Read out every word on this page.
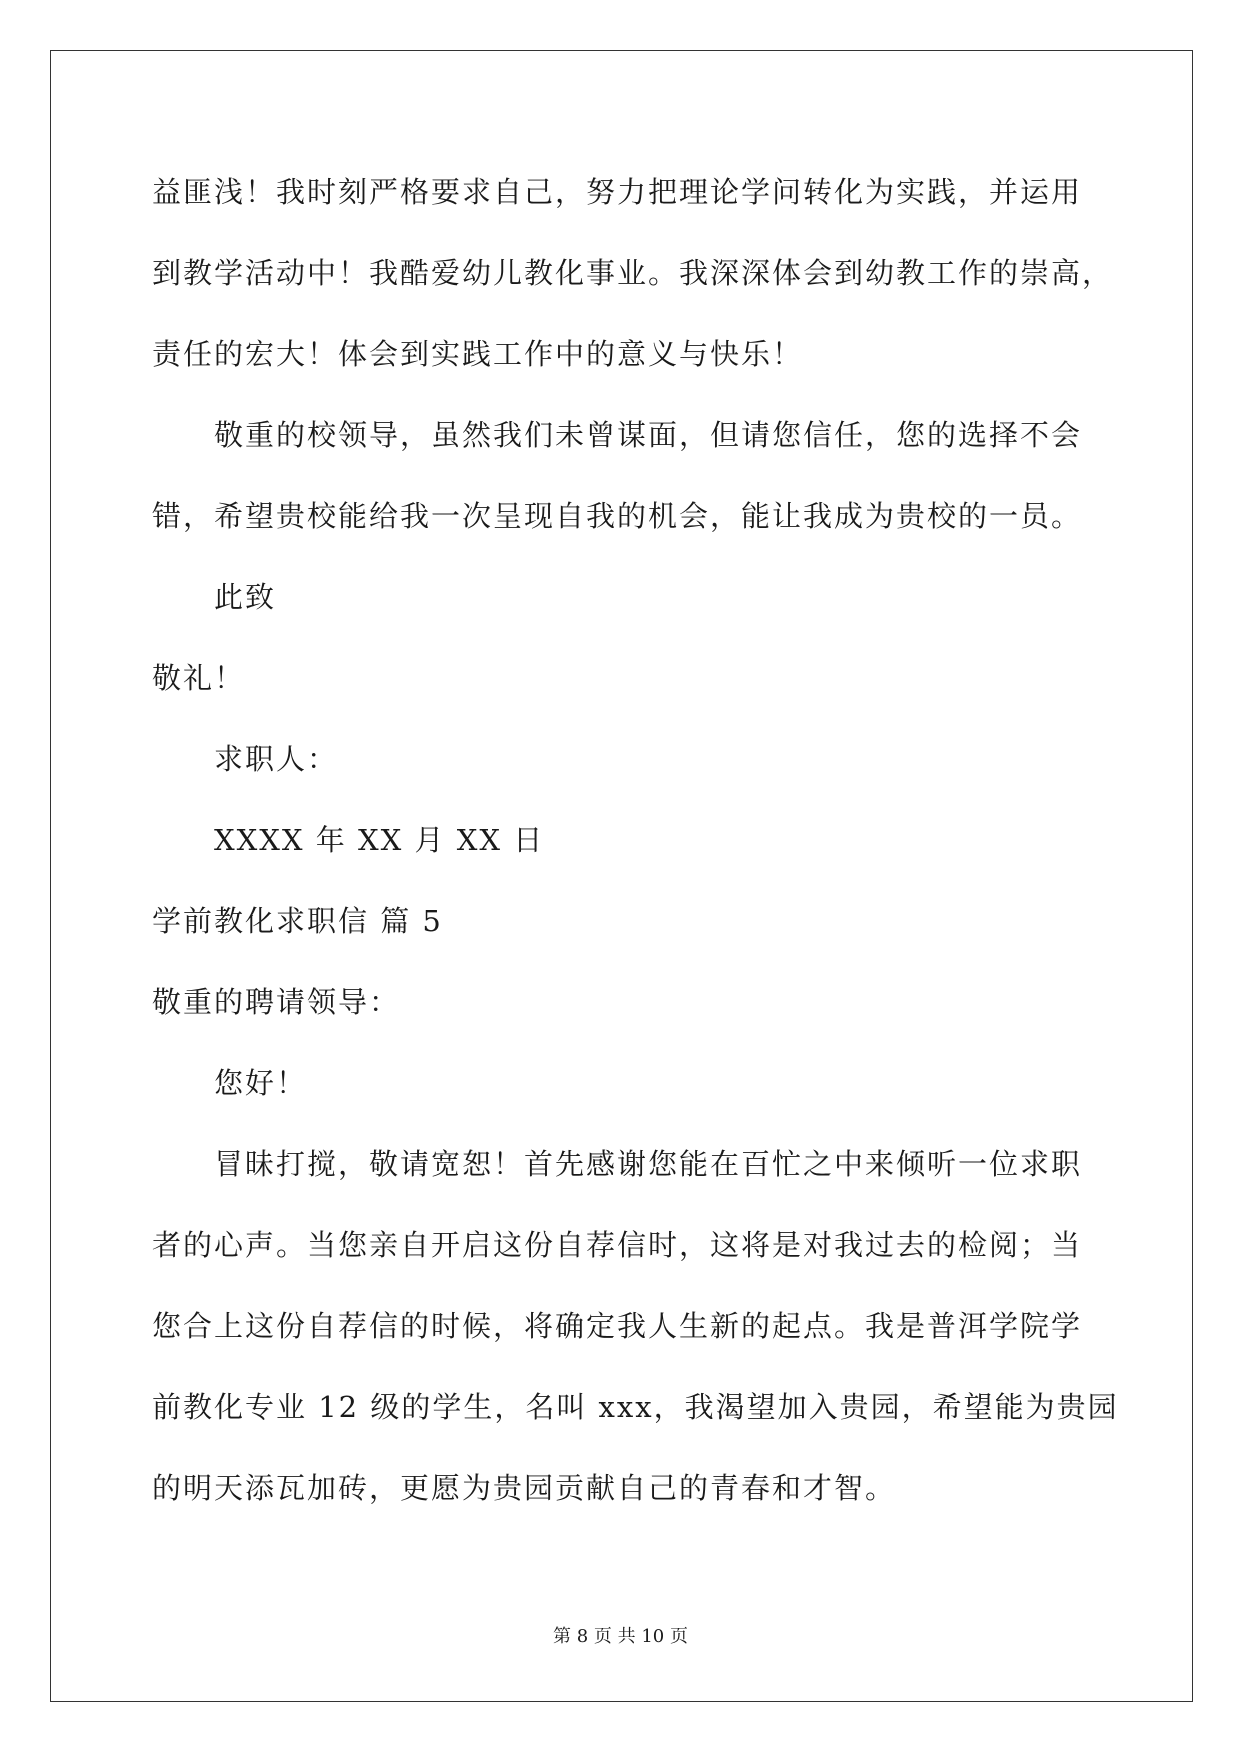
益匪浅！我时刻严格要求自己，努力把理论学问转化为实践，并运用
到教学活动中！我酷爱幼儿教化事业。我深深体会到幼教工作的崇高，
责任的宏大！体会到实践工作中的意义与快乐！
敬重的校领导，虽然我们未曾谋面，但请您信任，您的选择不会
错，希望贵校能给我一次呈现自我的机会，能让我成为贵校的一员。
此致
敬礼！
求职人：
XXXX 年 XX 月 XX 日
学前教化求职信 篇 5
敬重的聘请领导：
您好！
冒昧打搅，敬请宽恕！首先感谢您能在百忙之中来倾听一位求职
者的心声。当您亲自开启这份自荐信时，这将是对我过去的检阅；当
您合上这份自荐信的时候，将确定我人生新的起点。我是普洱学院学
前教化专业 12 级的学生，名叫 xxx，我渴望加入贵园，希望能为贵园
的明天添瓦加砖，更愿为贵园贡献自己的青春和才智。
第 8 页 共 10 页
